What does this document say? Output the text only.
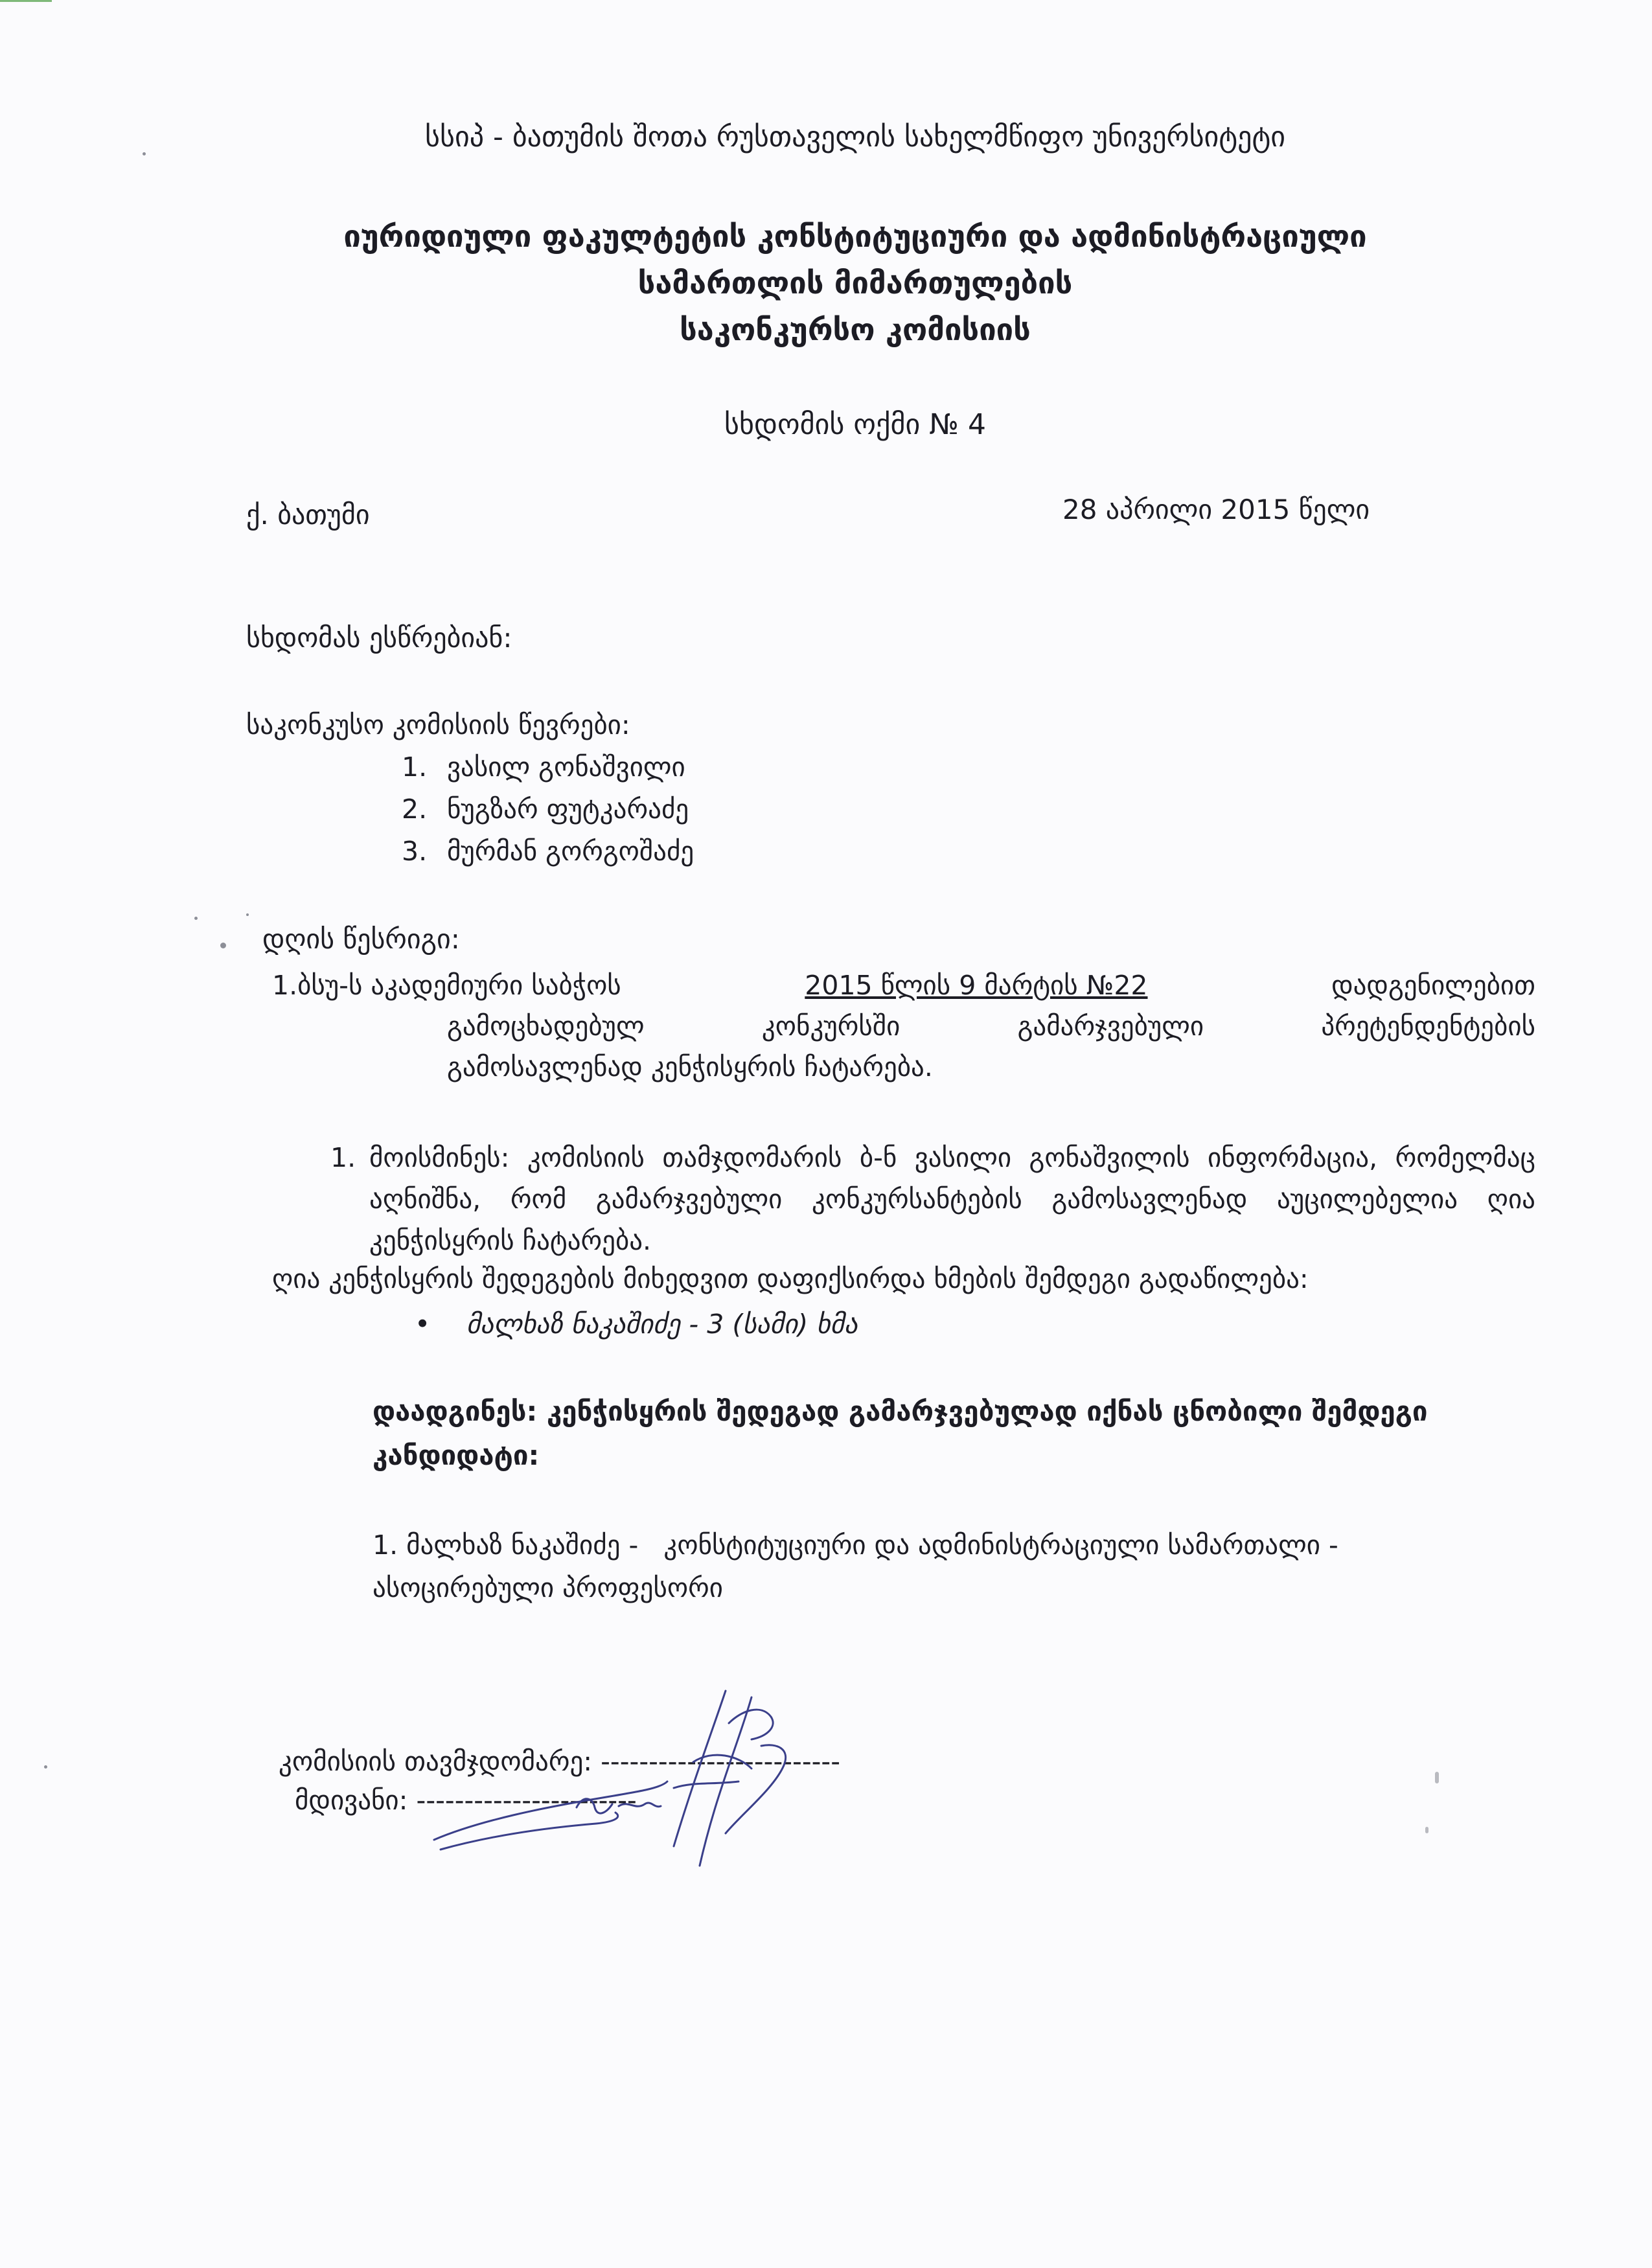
სსიპ - ბათუმის შოთა რუსთაველის სახელმწიფო უნივერსიტეტი
იურიდიული ფაკულტეტის კონსტიტუციური და ადმინისტრაციული
სამართლის მიმართულების
საკონკურსო კომისიის
სხდომის ოქმი № 4
ქ. ბათუმი	28 აპრილი 2015 წელი
სხდომას ესწრებიან:
საკონკუსო კომისიის წევრები:
1. ვასილ გონაშვილი
2. ნუგზარ ფუტკარაძე
3. მურმან გორგოშაძე
დღის წესრიგი:
1.ბსუ-ს აკადემიური საბჭოს	2015 წლის 9 მარტის №22	დადგენილებით
გამოცხადებულ კონკურსში გამარჯვებული პრეტენდენტების
გამოსავლენად კენჭისყრის ჩატარება.
1. მოისმინეს: კომისიის თამჯდომარის ბ-ნ ვასილი გონაშვილის ინფორმაცია, რომელმაც აღნიშნა, რომ გამარჯვებული კონკურსანტების გამოსავლენად აუცილებელია ღია კენჭისყრის ჩატარება.
ღია კენჭისყრის შედეგების მიხედვით დაფიქსირდა ხმების შემდეგი გადაწილება:
• მალხაზ ნაკაშიძე - 3 (სამი) ხმა
დაადგინეს: კენჭისყრის შედეგად გამარჯვებულად იქნას ცნობილი შემდეგი კანდიდატი:
1. მალხაზ ნაკაშიძე -   კონსტიტუციური და ადმინისტრაციული სამართალი -
ასოცირებული პროფესორი
კომისიის თავმჯდომარე: -------------------------
მდივანი: -----------------------
